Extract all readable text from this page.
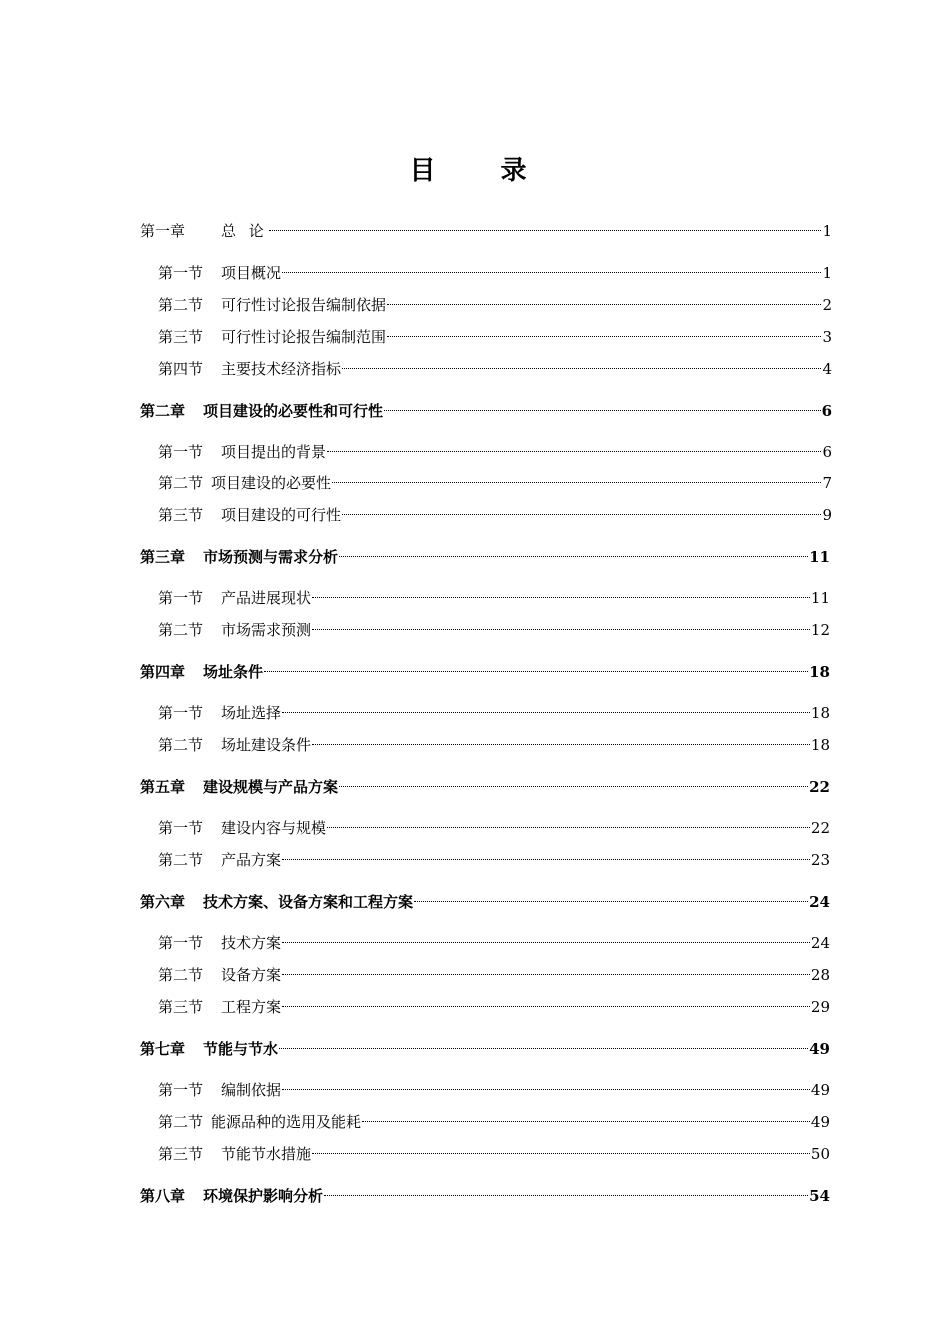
目 录
第一章 总 论	1
第一节 项目概况	1
第二节 可行性讨论报告编制依据	2
第三节 可行性讨论报告编制范围	3
第四节 主要技术经济指标	4
第二章 项目建设的必要性和可行性	6
第一节 项目提出的背景	6
第二节 项目建设的必要性	7
第三节 项目建设的可行性	9
第三章 市场预测与需求分析	11
第一节 产品进展现状	11
第二节 市场需求预测	12
第四章 场址条件	18
第一节 场址选择	18
第二节 场址建设条件	18
第五章 建设规模与产品方案	22
第一节 建设内容与规模	22
第二节 产品方案	23
第六章 技术方案、设备方案和工程方案	24
第一节 技术方案	24
第二节 设备方案	28
第三节 工程方案	29
第七章 节能与节水	49
第一节 编制依据	49
第二节 能源品种的选用及能耗	49
第三节 节能节水措施	50
第八章 环境保护影响分析	54
